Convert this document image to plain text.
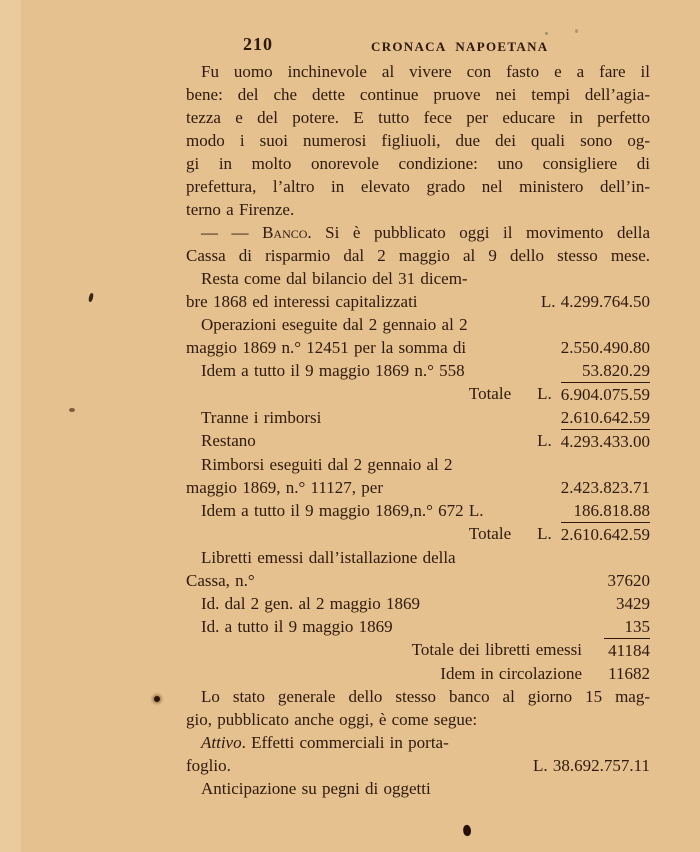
210	CRONACA NAPOETANA
Fu uomo inchinevole al vivere con fasto e a fare il
bene: del che dette continue pruove nei tempi dell’agia-
tezza e del potere. E tutto fece per educare in perfetto
modo i suoi numerosi figliuoli, due dei quali sono og-
gi in molto onorevole condizione: uno consigliere di
prefettura, l’altro in elevato grado nel ministero dell’in-
terno a Firenze.
— — Banco. Si è pubblicato oggi il movimento della
Cassa di risparmio dal 2 maggio al 9 dello stesso mese.
Resta come dal bilancio del 31 dicem-
bre 1868 ed interessi capitalizzati	L. 4.299.764.50
Operazioni eseguite dal 2 gennaio al 2
maggio 1869 n.° 12451 per la somma di	2.550.490.80
Idem a tutto il 9 maggio 1869 n.° 558	53.820.29
Totale	L. 6.904.075.59
Tranne i rimborsi	2.610.642.59
Restano	L. 4.293.433.00
Rimborsi eseguiti dal 2 gennaio al 2
maggio 1869, n.° 11127, per	2.423.823.71
Idem a tutto il 9 maggio 1869,n.° 672 L.	186.818.88
Totale	L. 2.610.642.59
Libretti emessi dall’istallazione della
Cassa, n.°	37620
Id. dal 2 gen. al 2 maggio 1869	3429
Id. a tutto il 9 maggio 1869	135
Totale dei libretti emessi	41184
Idem in circolazione	11682
Lo stato generale dello stesso banco al giorno 15 mag-
gio, pubblicato anche oggi, è come segue:
Attivo. Effetti commerciali in porta-
foglio.	L. 38.692.757.11
Anticipazione su pegni di oggetti
